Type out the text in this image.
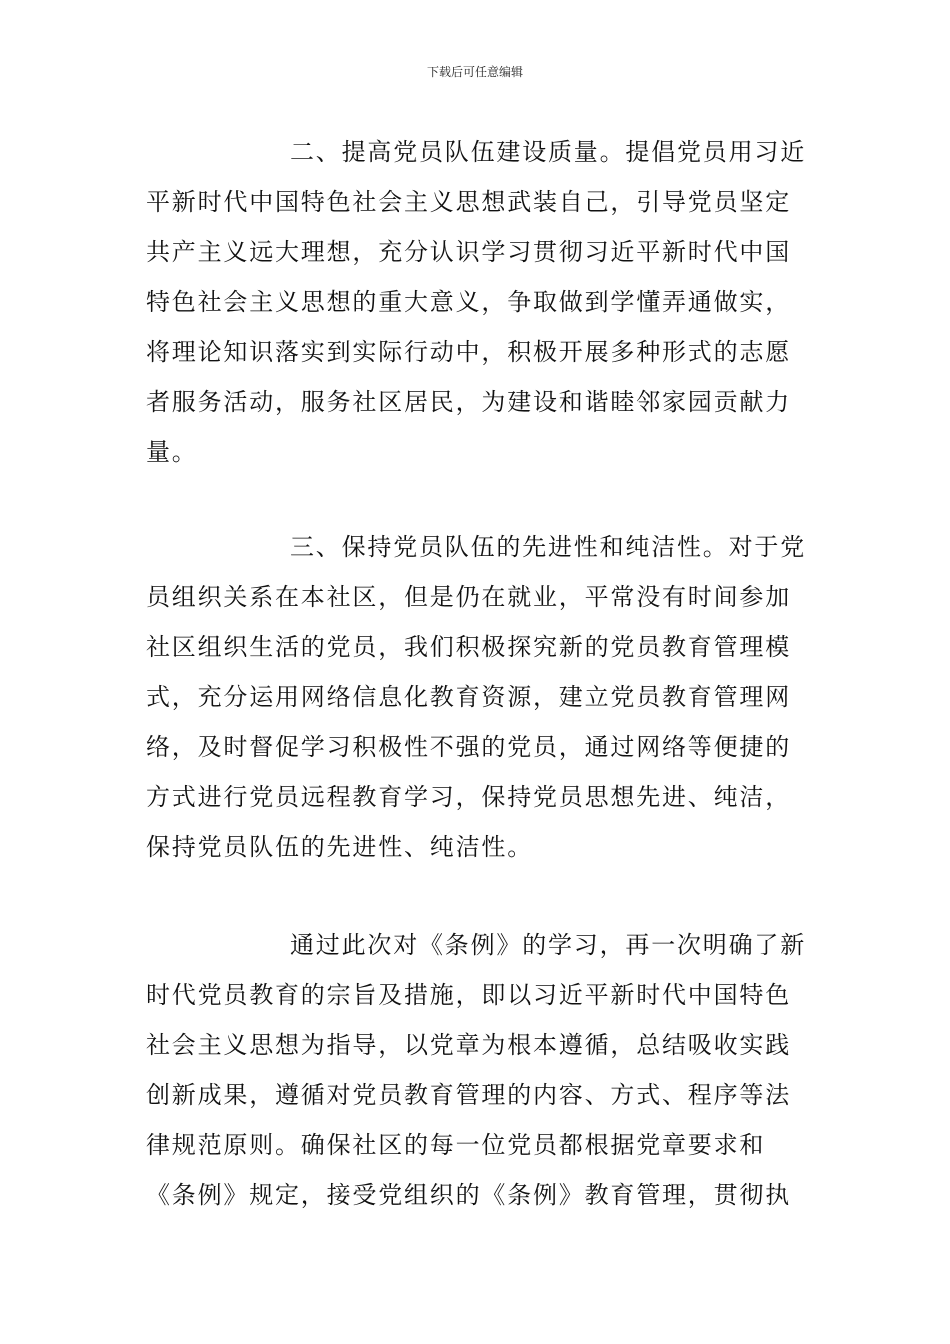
下载后可任意编辑

二、提高党员队伍建设质量。提倡党员用习近平新时代中国特色社会主义思想武装自己，引导党员坚定共产主义远大理想，充分认识学习贯彻习近平新时代中国特色社会主义思想的重大意义，争取做到学懂弄通做实，将理论知识落实到实际行动中，积极开展多种形式的志愿者服务活动，服务社区居民，为建设和谐睦邻家园贡献力量。

三、保持党员队伍的先进性和纯洁性。对于党员组织关系在本社区，但是仍在就业，平常没有时间参加社区组织生活的党员，我们积极探究新的党员教育管理模式，充分运用网络信息化教育资源，建立党员教育管理网络，及时督促学习积极性不强的党员，通过网络等便捷的方式进行党员远程教育学习，保持党员思想先进、纯洁，保持党员队伍的先进性、纯洁性。

通过此次对《条例》的学习，再一次明确了新时代党员教育的宗旨及措施，即以习近平新时代中国特色社会主义思想为指导，以党章为根本遵循，总结吸收实践创新成果，遵循对党员教育管理的内容、方式、程序等法律规范原则。确保社区的每一位党员都根据党章要求和《条例》规定，接受党组织的《条例》教育管理，贯彻执
